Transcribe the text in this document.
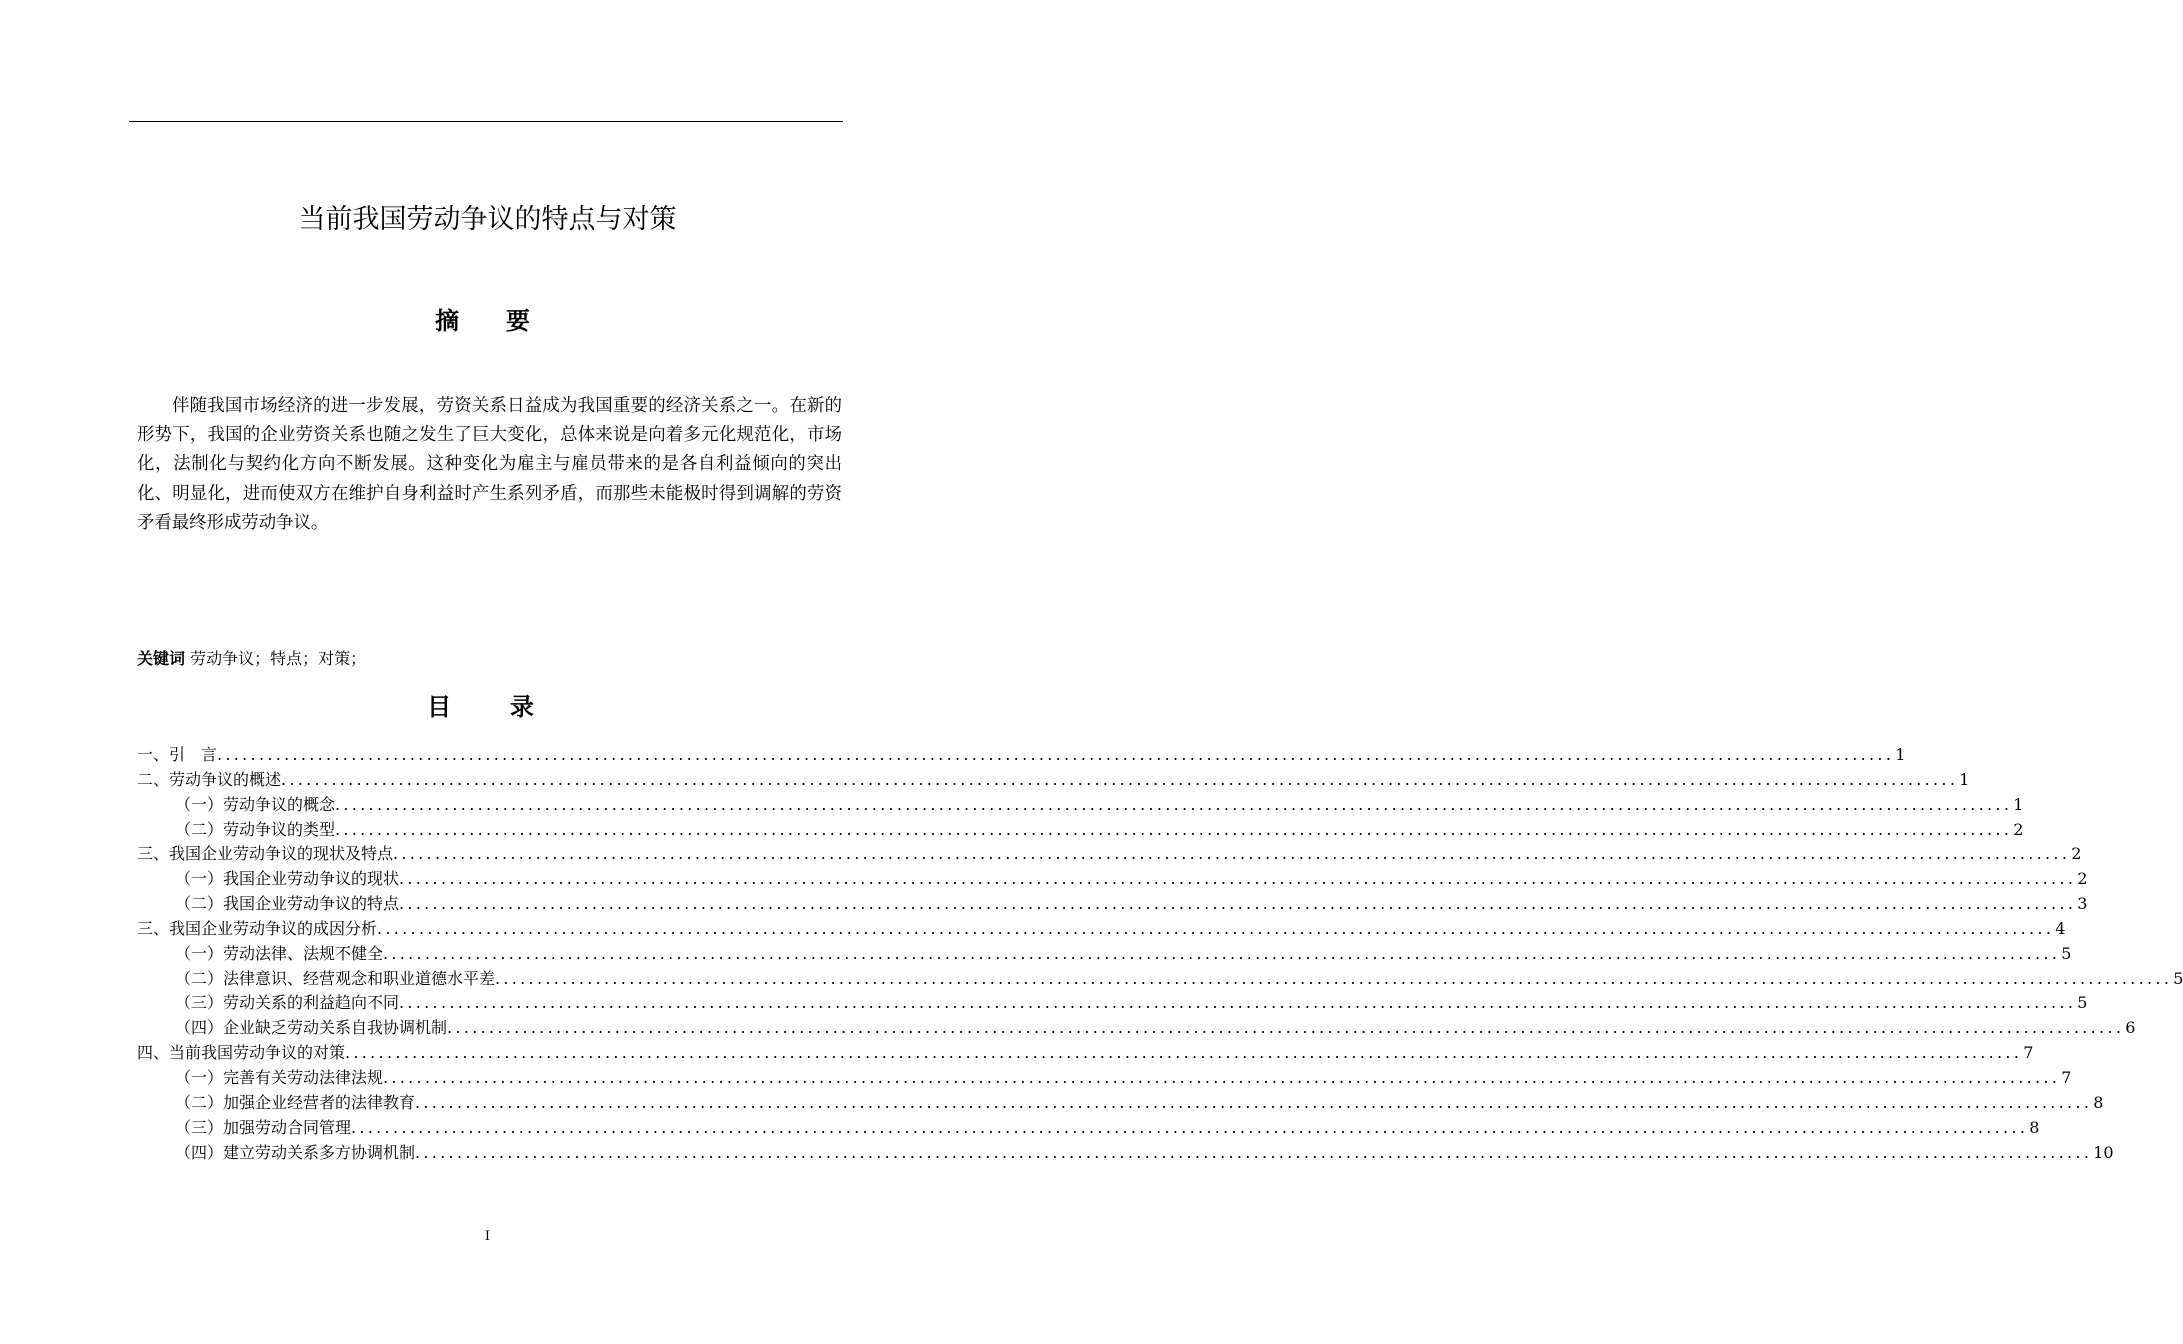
当前我国劳动争议的特点与对策
摘  要

伴随我国市场经济的进一步发展，劳资关系日益成为我国重要的经济关系之一。在新的形势下，我国的企业劳资关系也随之发生了巨大变化，总体来说是向着多元化规范化，市场化，法制化与契约化方向不断发展。这种变化为雇主与雇员带来的是各自利益倾向的突出化、明显化，进而使双方在维护自身利益时产生系列矛盾，而那些未能极时得到调解的劳资矛看最终形成劳动争议。

关键词 劳动争议；特点；对策；
目  录
一、引　言 ........................................................................................................................................................................................................ 1
二、劳动争议的概述 ........................................................................................................................................................................................................ 1
（一）劳动争议的概念 ........................................................................................................................................................................................................ 1
（二）劳动争议的类型 ........................................................................................................................................................................................................ 2
三、我国企业劳动争议的现状及特点 ........................................................................................................................................................................................................ 2
（一）我国企业劳动争议的现状 ........................................................................................................................................................................................................ 2
（二）我国企业劳动争议的特点 ........................................................................................................................................................................................................ 3
三、我国企业劳动争议的成因分析 ........................................................................................................................................................................................................ 4
（一）劳动法律、法规不健全 ........................................................................................................................................................................................................ 5
（二）法律意识、经营观念和职业道德水平差 ........................................................................................................................................................................................................ 5
（三）劳动关系的利益趋向不同 ........................................................................................................................................................................................................ 5
（四）企业缺乏劳动关系自我协调机制 ........................................................................................................................................................................................................ 6
四、当前我国劳动争议的对策 ........................................................................................................................................................................................................ 7
（一）完善有关劳动法律法规 ........................................................................................................................................................................................................ 7
（二）加强企业经营者的法律教育 ........................................................................................................................................................................................................ 8
（三）加强劳动合同管理 ........................................................................................................................................................................................................ 8
（四）建立劳动关系多方协调机制 ........................................................................................................................................................................................................ 10
I
